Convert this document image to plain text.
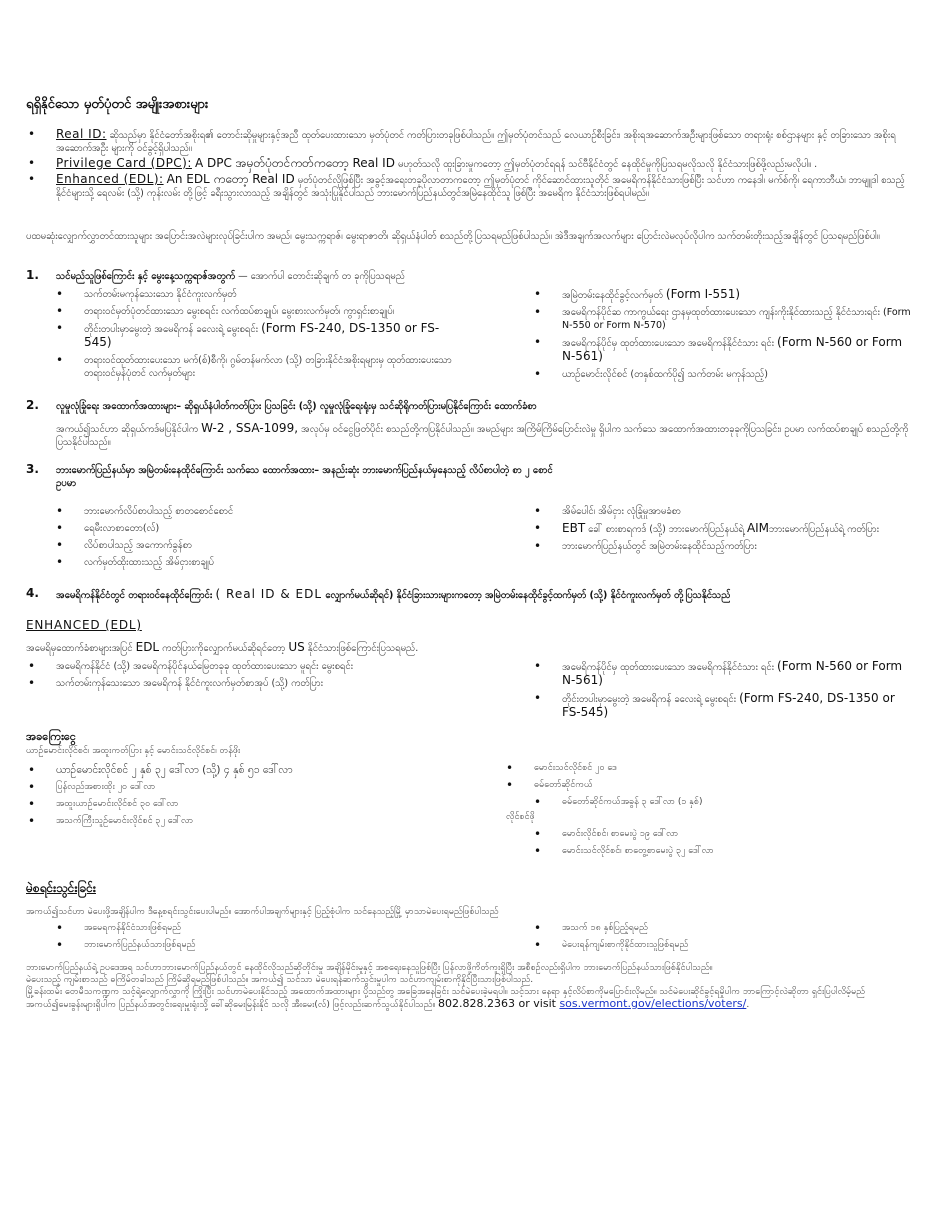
ရရှိနိုင်သော မှတ်ပုံတင် အမျိုးအစားများ
• Real ID: ဆိုသည်မှာ နိုင်ငံတော်အစိုးရ၏ တောင်းဆိုမှုများနှင့်အညီ ထုတ်ပေးထားသော မှတ်ပုံတင် ကတ်ပြားတခုဖြစ်ပါသည်။ ဤမှတ်ပုံတင်သည် လေယာဉ်စီးခြင်း၊ အစိုးရအဆောက်အဦးများဖြစ်သော တရားရုံး စစ်ဌာနများ နှင့် တခြားသော အစိုးရအဆောက်အဦး များကို ဝင်ခွင့်ရှိပါသည်။
• Privilege Card (DPC): A DPC အမှတ်ပုံတင်ကတ်ကတော့ Real ID မဟုတ်သလို ထူးခြားမှုကတော့ ဤမှတ်ပုံတင်ရရန် သင်ဗီနိုင်ငံတွင် နေထိုင်မှုကိုပြသရမလိုသလို နိုင်ငံသားဖြစ်ဖို့လည်းမလိုပါ။ .
• Enhanced (EDL): An EDL ကတော့ Real ID မှတ်ပုံတင်လိုဖြစ်ပြီး အခွင့်အရေးတခုပိုလာတာကတော့ ဤမှတ်ပုံတင် ကိုင်ဆောင်ထားသူတိုင် အမေရိကန်နိုင်ငံသားဖြစ်ပြီး သင်ဟာ ကနေဒါ၊ မက်စ်ကို၊ ရေကာဘီယံ၊ ဘာမျူဒါ စသည့် နိုင်ငံများသို့ ရေလမ်း (သို့) ကုန်းလမ်း တို့ဖြင့် ခရီးသွားလာသည့် အချိန်တွင် အသုံးပြုနိုင်ပါသည် ဘားမောက်ပြည်နယ်တွင်အမြဲနေထိုင်သူ ဖြစ်ပြီး အမေရိက နိုင်ငံသားဖြစ်ရပါမည်။
ပထမဆုံးလျှောက်လွှာတင်ထားသူများ အပြောင်းအလဲများလုပ်ခြင်းပါက အမည်၊ မွေးသက္ကရာဇ်၊ မွေးရာဇာတိ၊ ဆိုရှယ်နံပါတ် စသည်တို့ပြသရမည်ဖြစ်ပါသည်။ အဲဒီအချက်အလက်များ ပြောင်းလဲမလုပ်လိုပါက သက်တမ်းတိုးသည့်အချိန်တွင် ပြသရမည်ဖြစ်ပါ။
1. သင်မည်သူဖြစ်ကြောင်း နှင့် မွေးနေ့သက္ကရာဇ်အတွက် — အောက်ပါ တောင်းဆိုချက် တ ခုကိုပြသရမည်
• သက်တမ်းမကုန်သေးသော နိုင်ငံကူးလက်မှတ်
• တရားဝင်မှတ်ပုံတင်ထားသော မွေးစရင်း လက်ထပ်စာချုပ်၊ မွေးစားလက်မှတ်၊ ကွာရှင်းစာချုပ်၊
• တိုင်းတပါးမှာမွေးတဲ့ အမေရိကန် ခလေးရဲ့ မွေးစရင်း (Form FS-240, DS-1350 or FS-545)
• တရားဝင်ထုတ်ထားပေးသော မက်(စ်)စီကို၊ ဂွမ်တန်မက်လာ (သို့) တခြားနိုင်ငံအစိုးရများမှ ထုတ်ထားပေးသော တရားဝင်မှန်ပုံတင် လက်မှတ်များ
• အမြဲတမ်းနေထိုင်ခွင့်လက်မှတ် (Form I-551)
• အမေရိကန်ပိုင်ဆ ကာကွယ်ရေး ဌာနမှထုတ်ထားပေးသော ကျန်းကိုးနိုင်ထားသည့် နိုင်ငံသားရင်း (Form N-550 or Form N-570)
• အမေရိကန်ပိုင်မှ ထုတ်ထားပေးသော အမေရိကန်နိုင်ငံသား ရင်း (Form N-560 or Form N-561)
• ယာဉ်မောင်းလိုင်စင် (တနှစ်ထက်ပို၍ သက်တမ်း မကုန်သည့်)
2. လူမှုလုံခြုံရေး အထောက်အထားများ– ဆိုရှယ်နံပါတ်ကတ်ပြား ပြသခြင်း (သို့) လူမှုလုံခြုံရေးရုံးမှ သင်ဆိုရိုကတ်ပြားမပြနိုင်ကြောင်း ထောက်ခံစာ
အကယ်၍သင်ဟာ ဆိုရှယ်ကဒ်မပြနိုင်ပါက W-2 , SSA-1099, အလုပ်မှ ဝင်ငွေဖြတ်ပိုင်း စသည်တို့ကပြနိုင်ပါသည်။ အမည်များ အကြိမ်ကြိမ်ပြောင်းလဲမှု ရှိပါက သက်သေ အထောက်အထားတခုခုကိုပြသခြင်း၊ ဥပမာ လက်ထပ်စာချုပ် စသည်တို့ကိုပြသနိုင်ပါသည်။
3. ဘားမောက်ပြည်နယ်မှာ အမြဲတမ်းနေထိုင်ကြောင်း သက်သေ ထောက်အထား– အနည်းဆုံး ဘားမောက်ပြည်နယ်မှနေသည့် လိပ်စာပါတဲ့ စာ ၂ စောင်
ဥပမာ
• ဘားမောက်လိပ်စာပါသည့် စာတစောင်စောင်
• ရေမီးလာစာတော(လ်)
• လိပ်စာပါသည့် အကောက်ခွန်စာ
• လက်မှတ်ထိုးထားသည့် အိမ်ငှားစာချုပ်
• အိမ်ပေါင်၊ အိမ်ငှား လုံခြုံမှုအာမခံစာ
• EBT ခေါ် စားစာရကဒ် (သို့) ဘားမောက်ပြည်နယ်ရဲ့ AIMဘားမောက်ပြည်နယ်ရဲ့ ကတ်ပြား
• ဘားမောက်ပြည်နယ်တွင် အမြဲတမ်းနေထိုင်သည့်ကတ်ပြား
4. အမေရိကန်နိုင်ငံတွင် တရားဝင်နေထိုင်ကြောင်း ( Real ID & EDL လျှောက်မယ်ဆိုရင်) နိုင်ငံခြားသားများကတော့ အမြဲတမ်းနေထိုင်ခွင့်ထက်မှတ် (သို့) နိုင်ငံကူးလက်မှတ် တို့ပြသနိုင်သည်
ENHANCED (EDL)
အမေရိမှထောက်ခံစာများအပြင် EDL ကတ်ပြားကိုလျှောက်မယ်ဆိုရင်တော့ US နိုင်ငံသားဖြစ်ကြောင်းပြသရမည်.
• အမေရိကန်နိုင်ငံ (သို့) အမေရိကန်ပိုင်နယ်မြေတခုခု ထုတ်ထားပေးသော မူရင်း မွေးစရင်း
• သက်တမ်းကုန်သေးသော အမေရိကန် နိုင်ငံကူးလက်မှတ်စာအုပ် (သို့) ကတ်ပြား
• အမေရိကန်ပိုင်မှ ထုတ်ထားပေးသော အမေရိကန်နိုင်ငံသား ရင်း (Form N-560 or Form N-561)
• တိုင်းတပါးမှာမွေးတဲ့ အမေရိကန် ခလေးရဲ့ မွေးစရင်း (Form FS-240, DS-1350 or FS-545)
အခကြေးငွေ
ယာဉ်မောင်းလိုင်စင်၊ အထူးကတ်ပြား နှင့် မောင်းသင်လိုင်စင်၊ တန်ဖိုး
• ယာဉ်မောင်းလိုင်စင် ၂ နှစ် ၃၂ ဒေါ်လာ (သို့) ၄ နှစ် ၅၁ ဒေါ်လာ
• ပြန်လည်အစားထိုး ၂၀ ဒေါ်လာ
• အထူးယာဉ်မောင်းလိုင်စင် ၃၀ ဒေါ်လာ
• အသက်ကြီးသူဉ်မောင်းလိုင်စင် ၃၂ ဒေါ်လာ
• မောင်းသင်လိုင်စင် ၂၀ ဒေ
• ဓမ်တော်ဆိုင်ကယ်
• ဓမ်တော်ဆိုင်ကယ်အခွန် ၃ ဒေါ်လာ (၁ နှစ်)
လိုင်စင်ဖို
• မောင်းလိုင်စင်၊ စာမေးပွဲ ၁၉ ဒေါ်လာ
• မောင်းသင်လိုင်စင်၊ စာတွေ့စာမေးပွဲ ၃၂ ဒေါ်လာ
မဲစရင်းသွင်းခြင်း
အကယ်၍သင်ဟာ မဲပေးဖို့အချိန်ပါက ဒီနေ့စရင်းသွင်းပေးပါမည်။ အောက်ပါအချက်များနှင့် ပြည့်စုံပါက သင်နေသည့်မြို့ မှာသာမဲပေးရမည်ဖြစ်ပါသည်
• အမေရကန်နိုင်ငံသားဖြစ်ရမည်
• ဘားမောက်ပြည်နယ်သားဖြစ်ရမည်
• အသက် ၁၈ နှစ်ပြည့်ရမည်
• မဲပေးရန်ကျမ်းစာကိုနိုင်ထားသူဖြစ်ရမည်
ဘားမောက်ပြည်နယ်ရဲ့ ဥပဒေအရ သင်ဟာဘားမောက်ပြည်နယ်တွင် နေထိုင်လိုသည်ဆိုတိုင်းမှု အချိန်မိုင်းမူနှင့် အစရေးနေသူဖြစ်ပြီး ပြန်လာဖို့ကိတ်ကူးရှိပြီး အစီစဉ်လည်းရှိပါက ဘားမောက်ပြည်နယ်သားဖြစ်နိုင်ပါသည်။
မဲပေးသည့် ကျမ်းစာသည် ဓကြိမ်တခါသည် ကြိမ်ဆိုရမည်ဖြစ်ပါသည်။ အကယ်၍ သင်သာ မဲပေးရန်ဆက်သွင်းမှုပါက သင်ဟာကျမ်းစာကိုနိုင်ပြီးသားဖြစ်ပါသည်.
မြို့ခန်းထမ်း တေမီသကဏ္ဍက သင့်ရဲ့လျှောက်လွှာကို ကြိုးပြီး သင်ဟာမဲပေးနိုင်သည့် အထောက်အထားများ ပို့သည်တွ အခြေအနေခြင်း သင်မဲပေးခဲ့မရပါ။ သင့်သား နေရာ နှင့်လိပ်စာကိုမပြောင်းလိုမည်။ သင်မဲပေးဆိုင်ခွင့်ရမှိုပါက ဘာကြောင့်လဲဆိုတာ ရှင်းပြပါလိမ့်မည်
အကယ်၍မေးခွန်းများရှိပါက ပြည်နယ်အတွင်းရေးမှူးရုံးသို့ ခေါ်ဆိုမေးမြန်းနိုင် သလို အီးမေး(လ်) ဖြင့်လည်းဆက်သွယ်နိုင်ပါသည်။ 802.828.2363 or visit sos.vermont.gov/elections/voters/.
